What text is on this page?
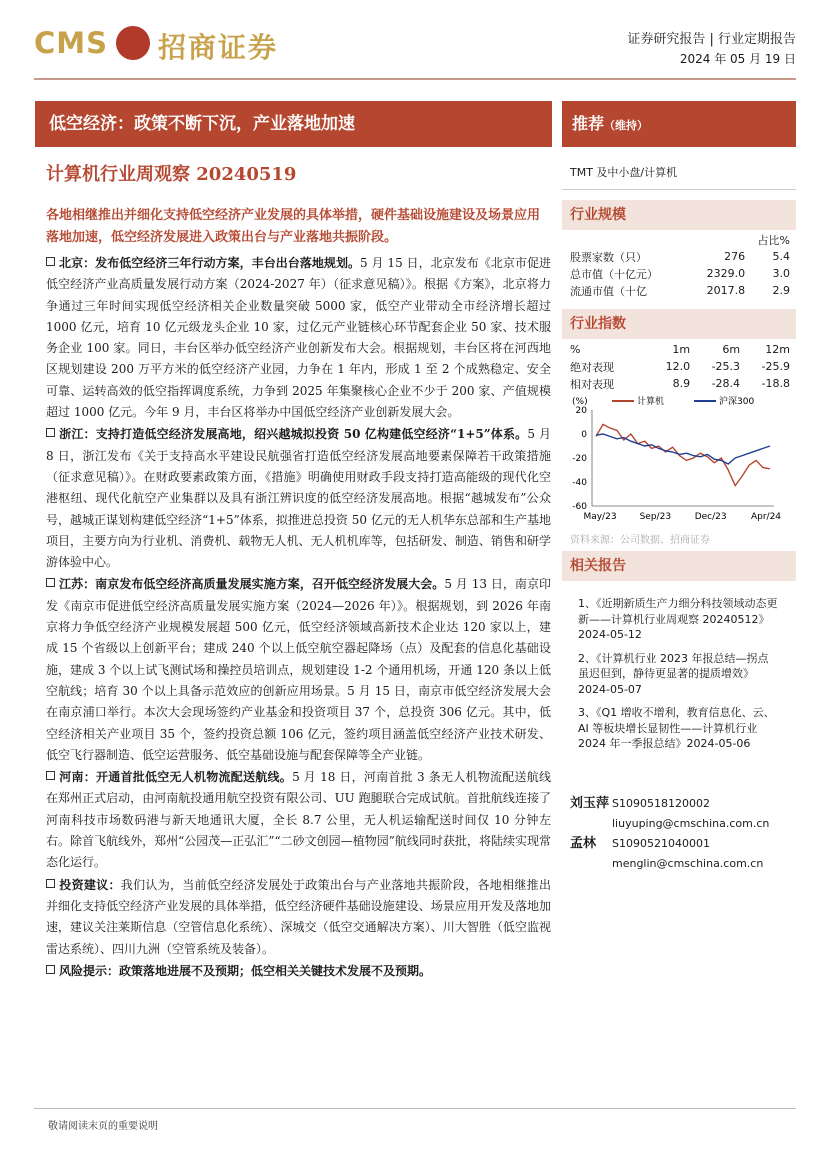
CMS 招商证券	证券研究报告 | 行业定期报告
2024 年 05 月 19 日
低空经济：政策不断下沉，产业落地加速	推荐（维持）
计算机行业周观察 20240519
各地相继推出并细化支持低空经济产业发展的具体举措，硬件基础设施建设及场景应用落地加速，低空经济发展进入政策出台与产业落地共振阶段。
北京：发布低空经济三年行动方案，丰台出台落地规划。5 月 15 日，北京发布《北京市促进低空经济产业高质量发展行动方案（2024-2027 年）（征求意见稿）》。根据《方案》，北京将力争通过三年时间实现低空经济相关企业数量突破 5000 家，低空产业带动全市经济增长超过 1000 亿元，培育 10 亿元级龙头企业 10 家，过亿元产业链核心环节配套企业 50 家、技术服务企业 100 家。同日，丰台区举办低空经济产业创新发布大会。根据规划，丰台区将在河西地区规划建设 200 万平方米的低空经济产业园，力争在 1 年内，形成 1 至 2 个成熟稳定、安全可靠、运转高效的低空指挥调度系统，力争到 2025 年集聚核心企业不少于 200 家、产值规模超过 1000 亿元。今年 9 月，丰台区将举办中国低空经济产业创新发展大会。
浙江：支持打造低空经济发展高地，绍兴越城拟投资 50 亿构建低空经济“1+5”体系。5 月 8 日，浙江发布《关于支持高水平建设民航强省打造低空经济发展高地要素保障若干政策措施（征求意见稿）》。在财政要素政策方面，《措施》明确使用财政手段支持打造高能级的现代化空港枢纽、现代化航空产业集群以及具有浙江辨识度的低空经济发展高地。根据“越城发布”公众号，越城正谋划构建低空经济“1+5”体系，拟推进总投资 50 亿元的无人机华东总部和生产基地项目，主要方向为行业机、消费机、载物无人机、无人机机库等，包括研发、制造、销售和研学游体验中心。
江苏：南京发布低空经济高质量发展实施方案，召开低空经济发展大会。5 月 13 日，南京印发《南京市促进低空经济高质量发展实施方案（2024—2026 年）》。根据规划，到 2026 年南京将力争低空经济产业规模发展超 500 亿元，低空经济领域高新技术企业达 120 家以上，建成 15 个省级以上创新平台；建成 240 个以上低空航空器起降场（点）及配套的信息化基础设施，建成 3 个以上试飞测试场和操控员培训点，规划建设 1-2 个通用机场，开通 120 条以上低空航线；培育 30 个以上具备示范效应的创新应用场景。5 月 15 日，南京市低空经济发展大会在南京浦口举行。本次大会现场签约产业基金和投资项目 37 个，总投资 306 亿元。其中，低空经济相关产业项目 35 个，签约投资总额 106 亿元，签约项目涵盖低空经济产业技术研发、低空飞行器制造、低空运营服务、低空基础设施与配套保障等全产业链。
河南：开通首批低空无人机物流配送航线。5 月 18 日，河南首批 3 条无人机物流配送航线在郑州正式启动，由河南航投通用航空投资有限公司、UU 跑腿联合完成试航。首批航线连接了河南科技市场数码港与新天地通讯大厦，全长 8.7 公里，无人机运输配送时间仅 10 分钟左右。除首飞航线外，郑州“公园茂—正弘汇”“二砂文创园—植物园”航线同时获批，将陆续实现常态化运行。
投资建议：我们认为，当前低空经济发展处于政策出台与产业落地共振阶段，各地相继推出并细化支持低空经济产业发展的具体举措，低空经济硬件基础设施建设、场景应用开发及落地加速，建议关注莱斯信息（空管信息化系统）、深城交（低空交通解决方案）、川大智胜（低空监视雷达系统）、四川九洲（空管系统及装备）。
风险提示：政策落地进展不及预期；低空相关关键技术发展不及预期。
TMT 及中小盘/计算机
行业规模
		占比%
股票家数（只）	276	5.4
总市值（十亿元）	2329.0	3.0
流通市值（十亿	2017.8	2.9
行业指数
%	1m	6m	12m
绝对表现	12.0	-25.3	-25.9
相对表现	8.9	-28.4	-18.8
(%)
20
0
-20
-40
-60
May/23	Sep/23	Dec/23	Apr/24
计算机	沪深300
资料来源：公司数据、招商证券
相关报告
1、《近期新质生产力细分科技领域动态更新——计算机行业周观察 20240512》2024-05-12
2、《计算机行业 2023 年报总结—拐点虽迟但到，静待更显著的提质增效》2024-05-07
3、《Q1 增收不增利，教育信息化、云、AI 等板块增长显韧性——计算机行业 2024 年一季报总结》2024-05-06
刘玉萍 S1090518120002
liuyuping@cmschina.com.cn
孟林	S1090521040001
menglin@cmschina.com.cn
敬请阅读末页的重要说明
